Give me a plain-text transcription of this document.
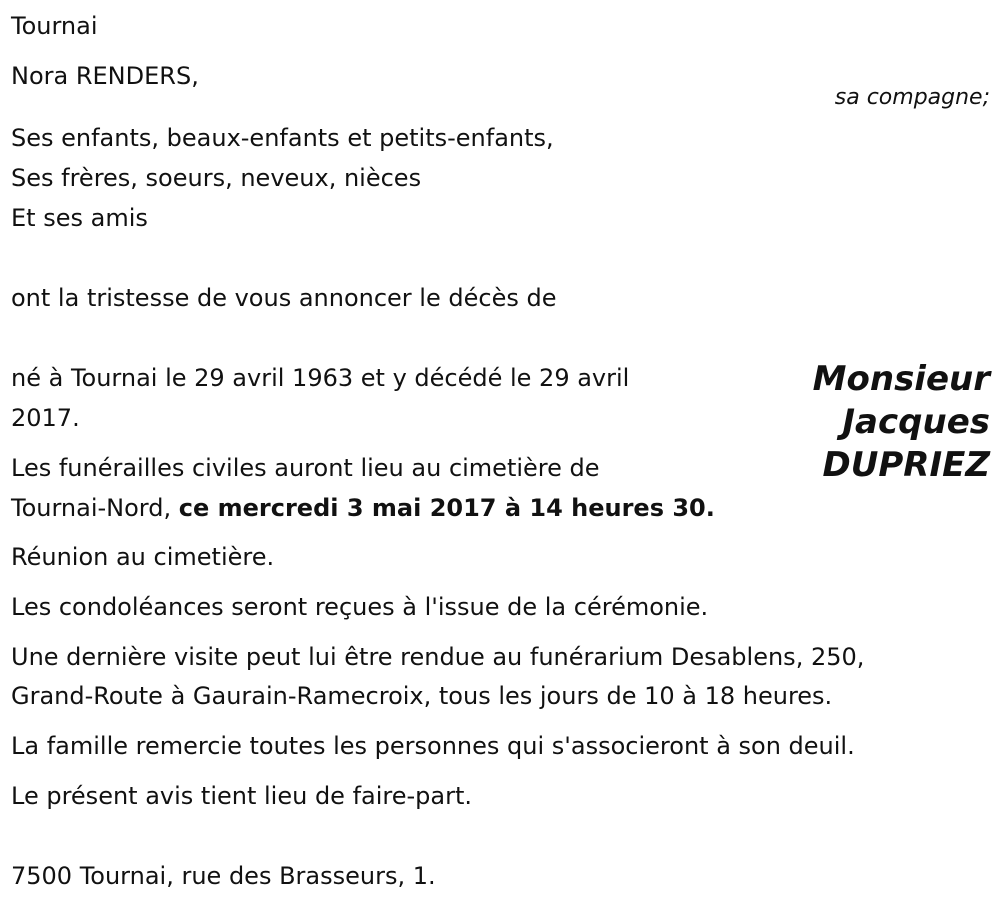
Tournai
Nora RENDERS,
sa compagne;
Ses enfants, beaux-enfants et petits-enfants,
Ses frères, soeurs, neveux, nièces
Et ses amis
ont la tristesse de vous annoncer le décès de
Monsieur
Jacques
DUPRIEZ
né à Tournai le 29 avril 1963 et y décédé le 29 avril
2017.
Les funérailles civiles auront lieu au cimetière de
Tournai-Nord, ce mercredi 3 mai 2017 à 14 heures 30.
Réunion au cimetière.
Les condoléances seront reçues à l'issue de la cérémonie.
Une dernière visite peut lui être rendue au funérarium Desablens, 250,
Grand-Route à Gaurain-Ramecroix, tous les jours de 10 à 18 heures.
La famille remercie toutes les personnes qui s'associeront à son deuil.
Le présent avis tient lieu de faire-part.
7500 Tournai, rue des Brasseurs, 1.
